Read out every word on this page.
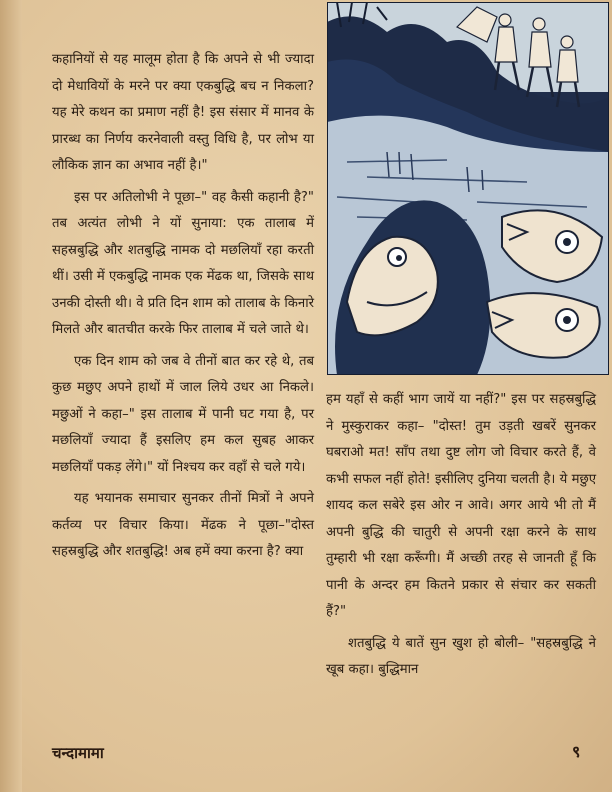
कहानियों से यह मालूम होता है कि अपने से भी ज्यादा दो मेधावियों के मरने पर क्या एकबुद्धि बच न निकला? यह मेरे कथन का प्रमाण नहीं है! इस संसार में मानव के प्रारब्ध का निर्णय करनेवाली वस्तु विधि है, पर लोभ या लौकिक ज्ञान का अभाव नहीं है।"

इस पर अतिलोभी ने पूछा–" वह कैसी कहानी है?" तब अत्यंत लोभी ने यों सुनाया: एक तालाब में सहस्रबुद्धि और शतबुद्धि नामक दो मछलियाँ रहा करती थीं। उसी में एकबुद्धि नामक एक मेंढक था, जिसके साथ उनकी दोस्ती थी। वे प्रति दिन शाम को तालाब के किनारे मिलते और बातचीत करके फिर तालाब में चले जाते थे।

एक दिन शाम को जब वे तीनों बात कर रहे थे, तब कुछ मछुए अपने हाथों में जाल लिये उधर आ निकले। मछुओं ने कहा–" इस तालाब में पानी घट गया है, पर मछलियाँ ज्यादा हैं इसलिए हम कल सुबह आकर मछलियाँ पकड़ लेंगे।" यों निश्चय कर वहाँ से चले गये।

यह भयानक समाचार सुनकर तीनों मित्रों ने अपने कर्तव्य पर विचार किया। मेंढक ने पूछा–"दोस्त सहस्रबुद्धि और शतबुद्धि! अब हमें क्या करना है? क्या

हम यहाँ से कहीं भाग जायें या नहीं?" इस पर सहस्रबुद्धि ने मुस्कुराकर कहा– "दोस्त! तुम उड़ती खबरें सुनकर घबराओ मत! साँप तथा दुष्ट लोग जो विचार करते हैं, वे कभी सफल नहीं होते! इसीलिए दुनिया चलती है। ये मछुए शायद कल सबेरे इस ओर न आवे। अगर आये भी तो मैं अपनी बुद्धि की चातुरी से अपनी रक्षा करने के साथ तुम्हारी भी रक्षा करूँगी। मैं अच्छी तरह से जानती हूँ कि पानी के अन्दर हम कितने प्रकार से संचार कर सकती हैं?"

शतबुद्धि ये बातें सुन खुश हो बोली– "सहस्रबुद्धि ने खूब कहा। बुद्धिमान

चन्दामामा	९
